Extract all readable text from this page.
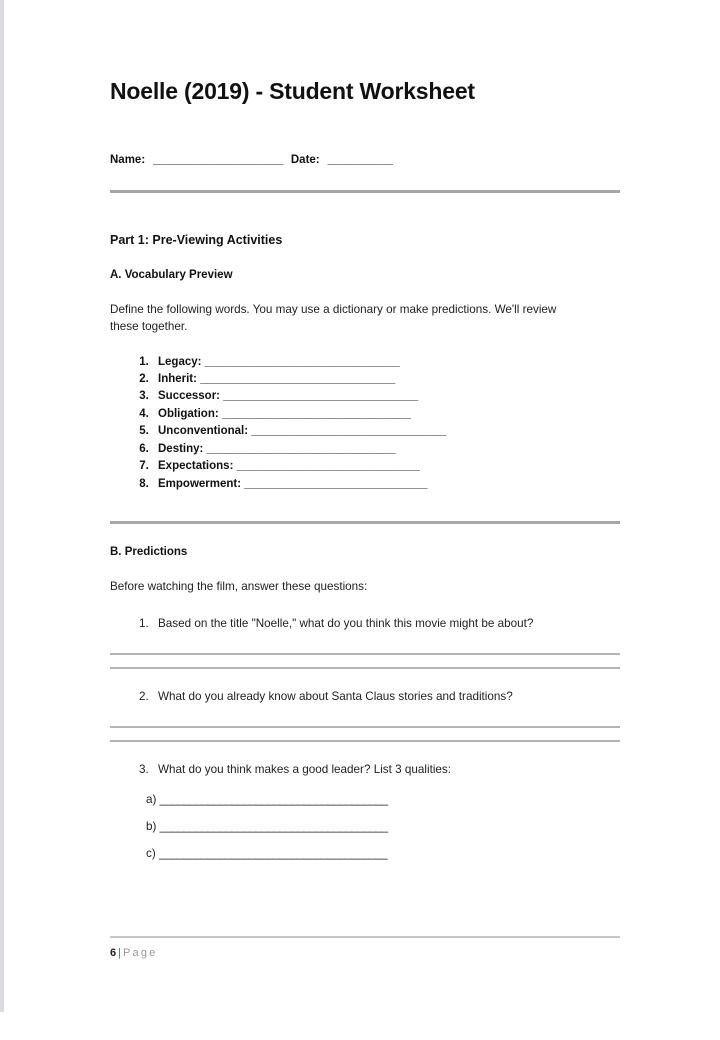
Noelle (2019) - Student Worksheet
Name: ______________________ Date: ___________
Part 1: Pre-Viewing Activities
A. Vocabulary Preview

Define the following words. You may use a dictionary or make predictions. We'll review these together.

1. Legacy: _________________________________
2. Inherit: _________________________________
3. Successor: _________________________________
4. Obligation: ________________________________
5. Unconventional: _________________________________
6. Destiny: ________________________________
7. Expectations: _______________________________
8. Empowerment: _______________________________
B. Predictions

Before watching the film, answer these questions:

1. Based on the title "Noelle," what do you think this movie might be about?
2. What do you already know about Santa Claus stories and traditions?
3. What do you think makes a good leader? List 3 qualities:
a) ______________________________________
b) ______________________________________
c) ______________________________________
6 | Page
